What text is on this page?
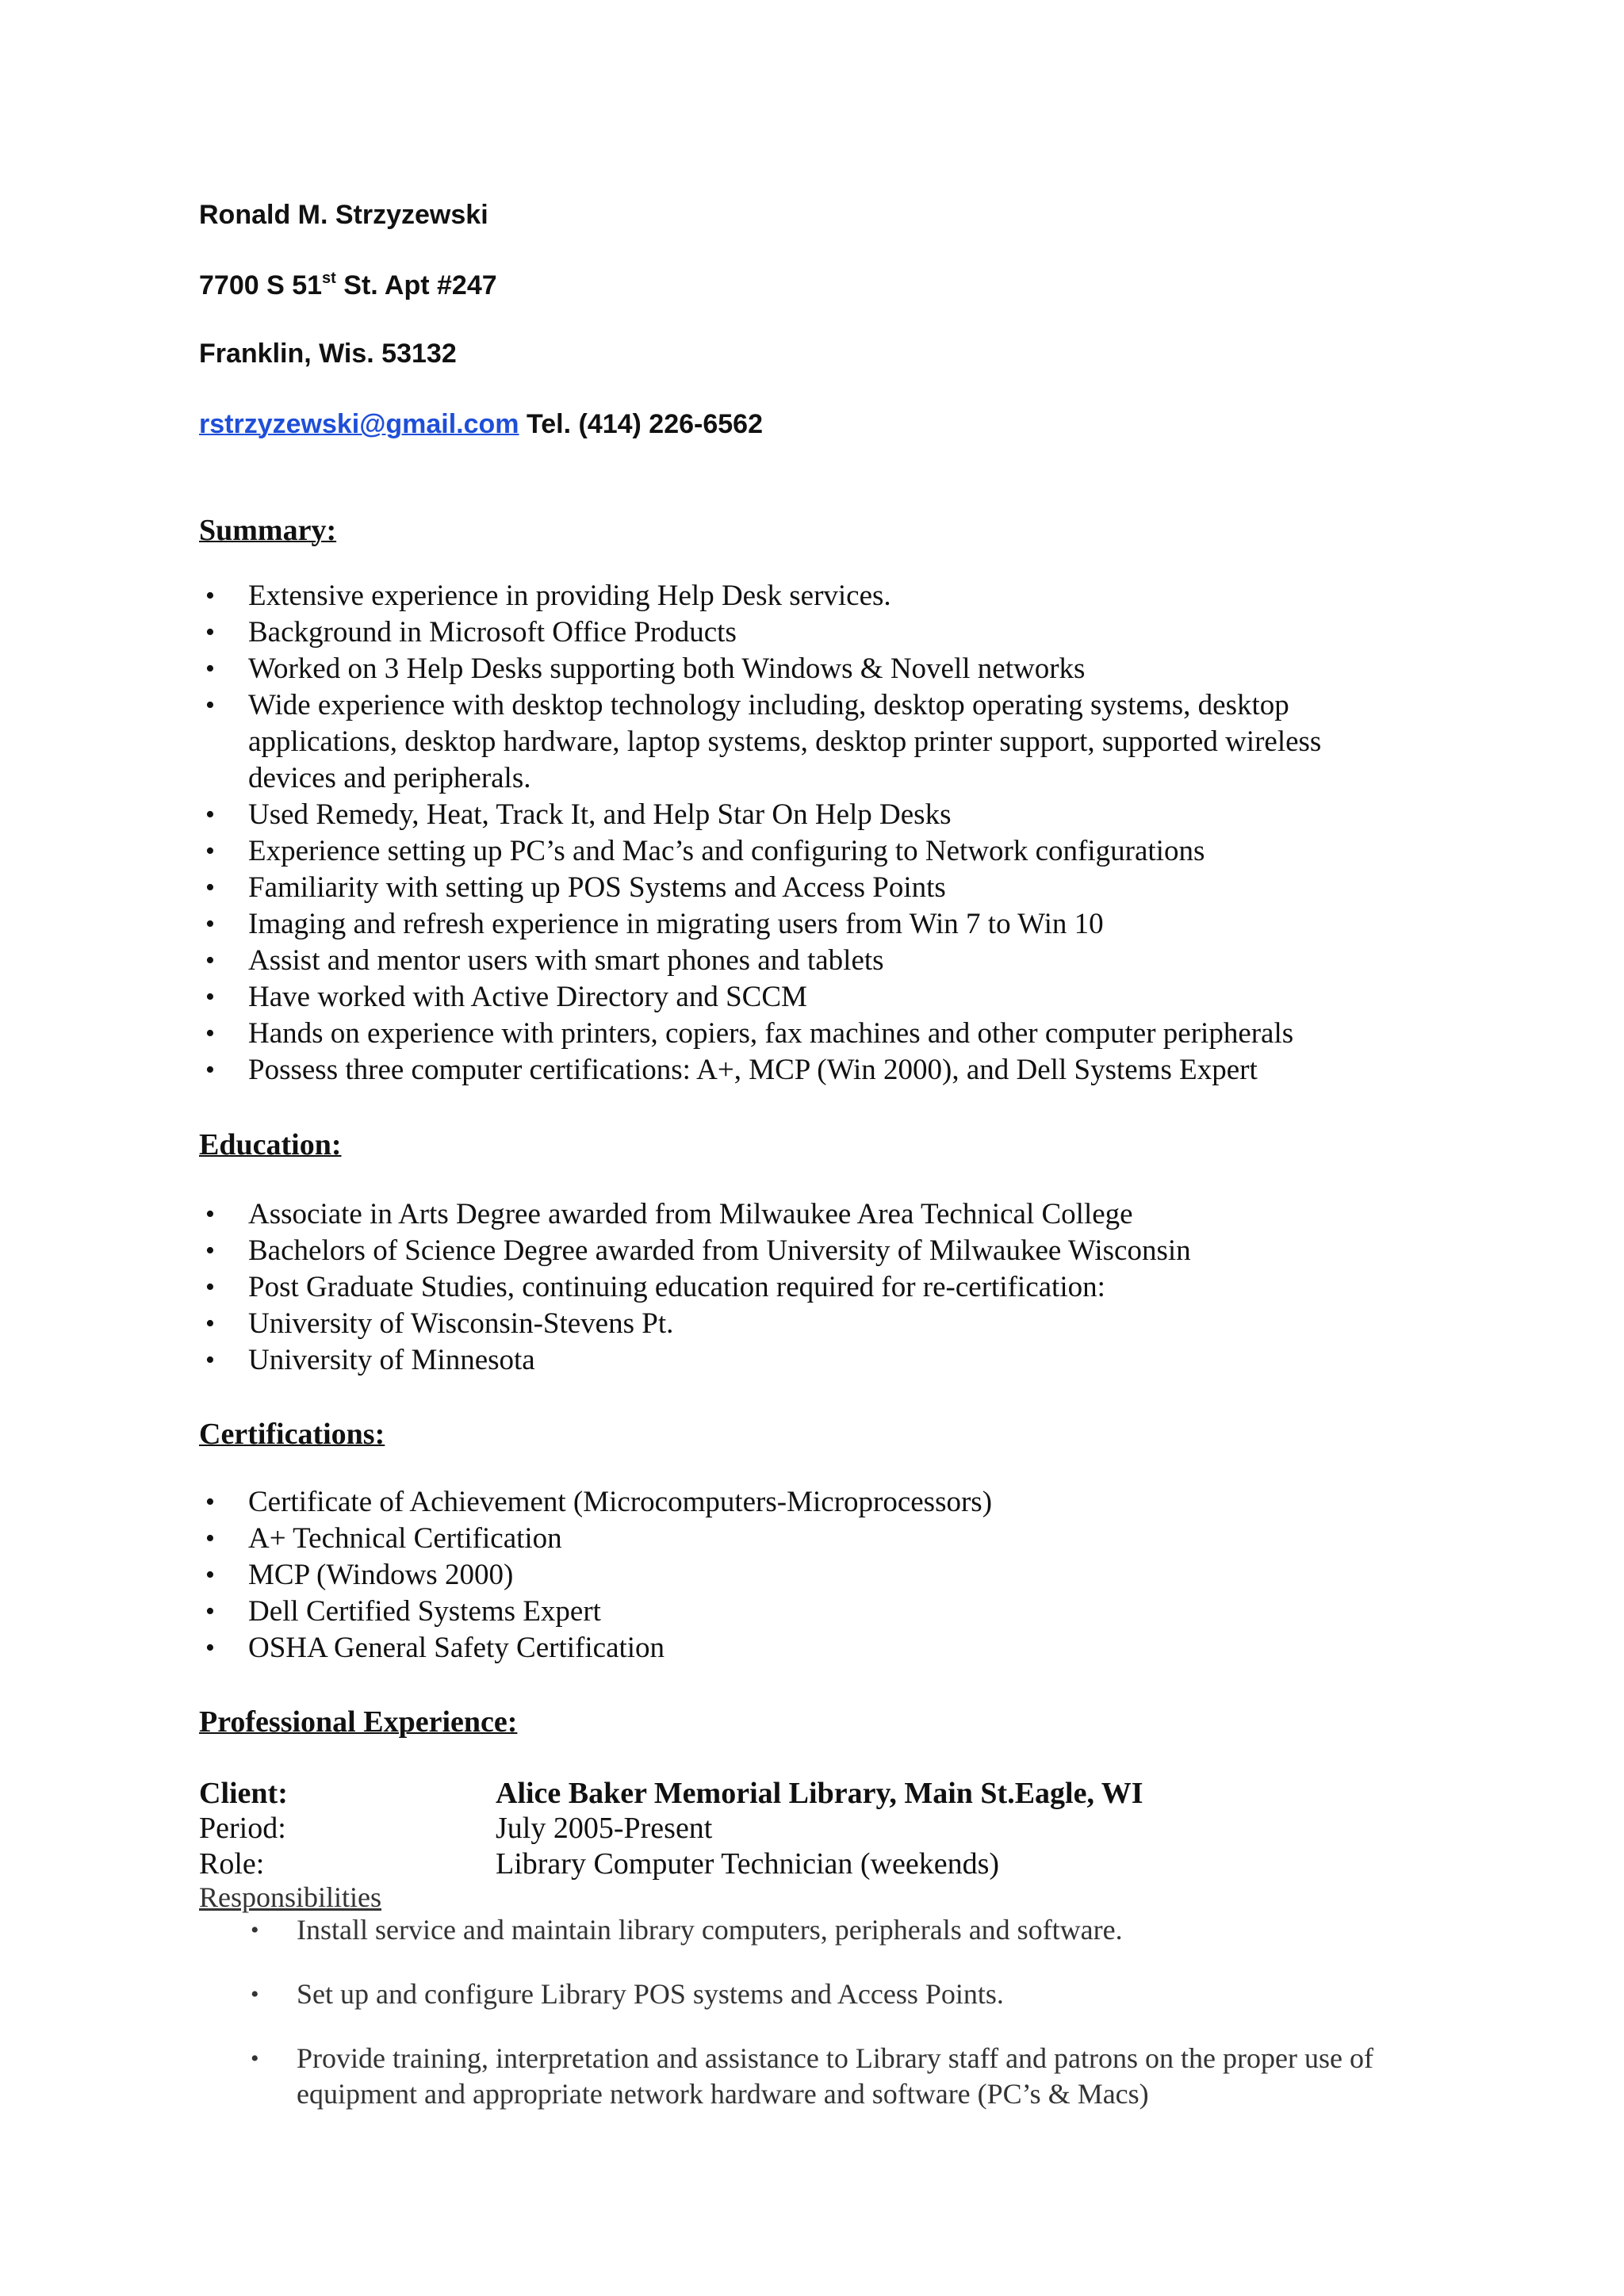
Ronald M. Strzyzewski
7700 S 51st St. Apt #247
Franklin, Wis. 53132
rstrzyzewski@gmail.com Tel. (414) 226-6562
Summary:
• Extensive experience in providing Help Desk services.
• Background in Microsoft Office Products
• Worked on 3 Help Desks supporting both Windows & Novell networks
• Wide experience with desktop technology including, desktop operating systems, desktop applications, desktop hardware, laptop systems, desktop printer support, supported wireless devices and peripherals.
• Used Remedy, Heat, Track It, and Help Star On Help Desks
• Experience setting up PC’s and Mac’s and configuring to Network configurations
• Familiarity with setting up POS Systems and Access Points
• Imaging and refresh experience in migrating users from Win 7 to Win 10
• Assist and mentor users with smart phones and tablets
• Have worked with Active Directory and SCCM
• Hands on experience with printers, copiers, fax machines and other computer peripherals
• Possess three computer certifications: A+, MCP (Win 2000), and Dell Systems Expert
Education:
• Associate in Arts Degree awarded from Milwaukee Area Technical College
• Bachelors of Science Degree awarded from University of Milwaukee Wisconsin
• Post Graduate Studies, continuing education required for re-certification:
• University of Wisconsin-Stevens Pt.
• University of Minnesota
Certifications:
• Certificate of Achievement (Microcomputers-Microprocessors)
• A+ Technical Certification
• MCP (Windows 2000)
• Dell Certified Systems Expert
• OSHA General Safety Certification
Professional Experience:
Client:	Alice Baker Memorial Library, Main St.Eagle, WI
Period:	July 2005-Present
Role:	Library Computer Technician (weekends)
Responsibilities
• Install service and maintain library computers, peripherals and software.
• Set up and configure Library POS systems and Access Points.
• Provide training, interpretation and assistance to Library staff and patrons on the proper use of equipment and appropriate network hardware and software (PC’s & Macs)
